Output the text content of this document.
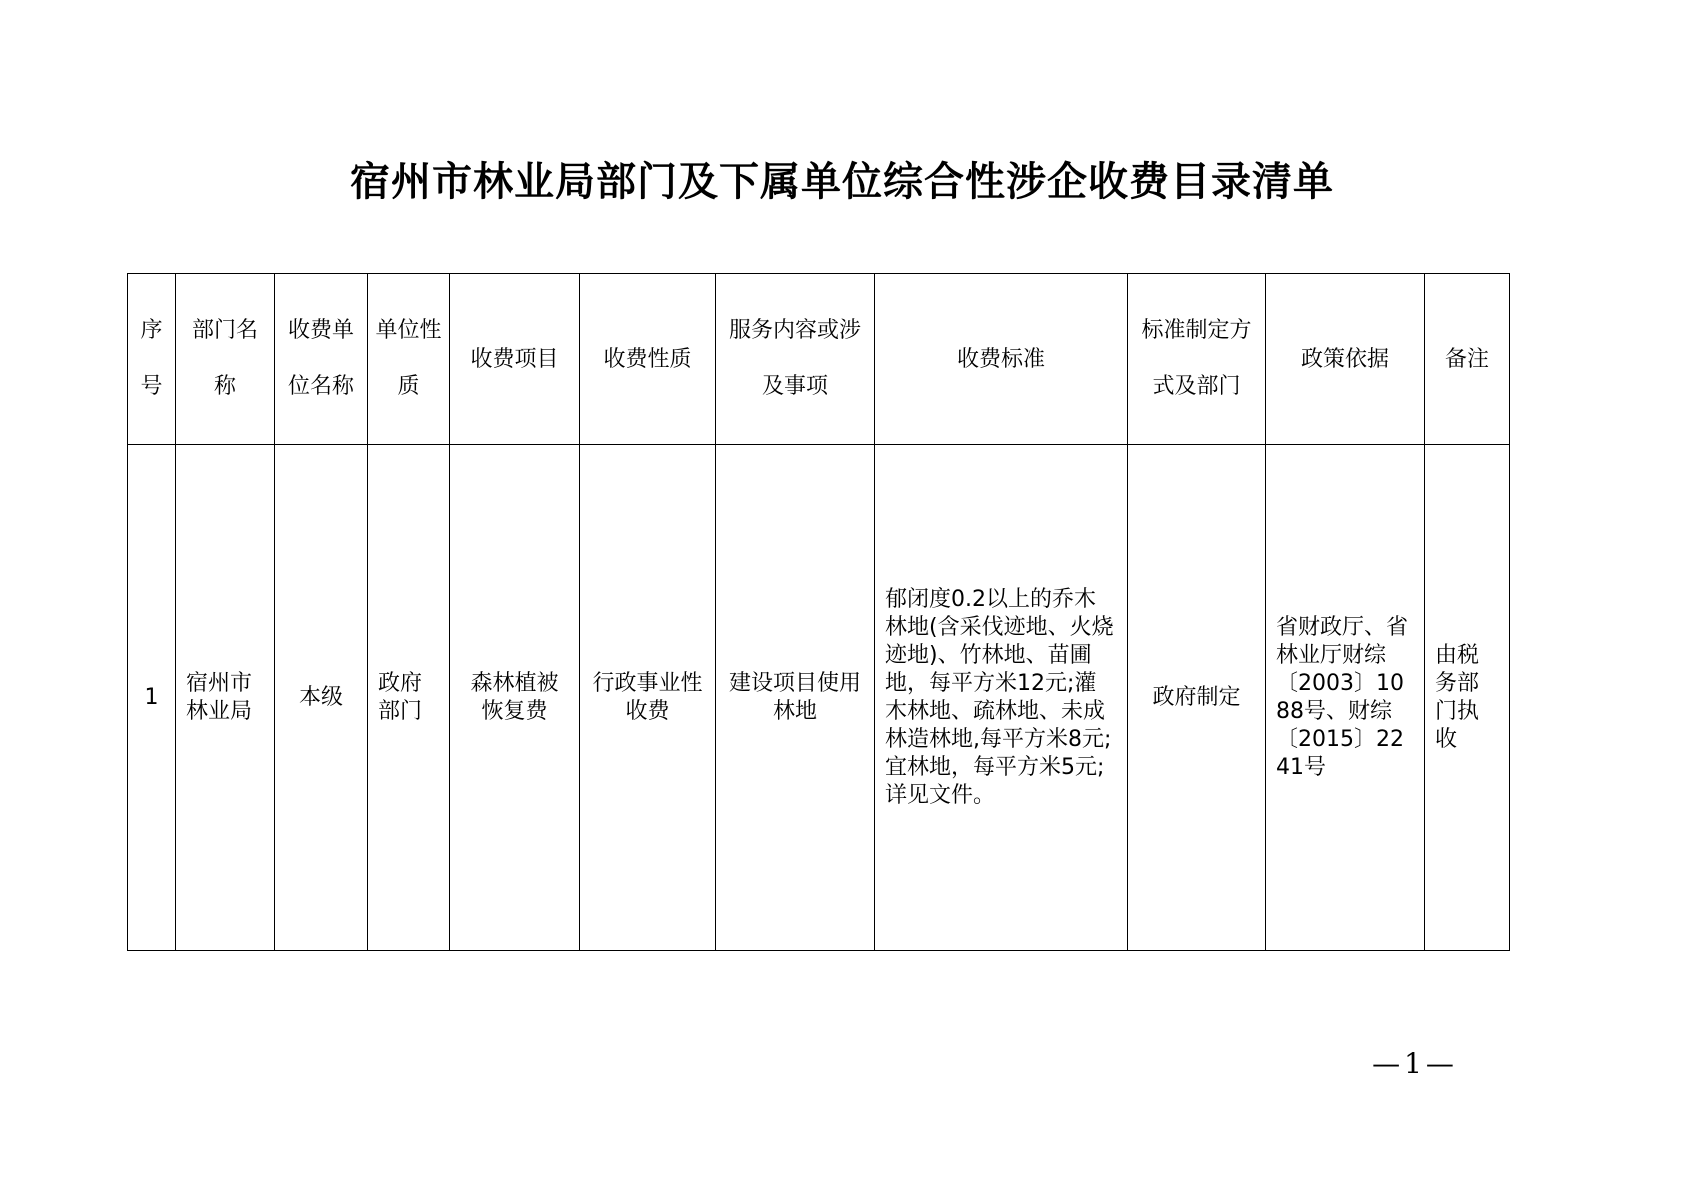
宿州市林业局部门及下属单位综合性涉企收费目录清单
序号	部门名称	收费单位名称	单位性质	收费项目	收费性质	服务内容或涉及事项	收费标准	标准制定方式及部门	政策依据	备注
1	宿州市林业局	本级	政府部门	森林植被恢复费	行政事业性收费	建设项目使用林地	郁闭度0.2以上的乔木林地(含采伐迹地、火烧迹地)、竹林地、苗圃地，每平方米12元;灌木林地、疏林地、未成林造林地,每平方米8元;宜林地，每平方米5元;详见文件。	政府制定	省财政厅、省林业厅财综〔2003〕1088号、财综〔2015〕2241号	由税务部门执收
—1—
